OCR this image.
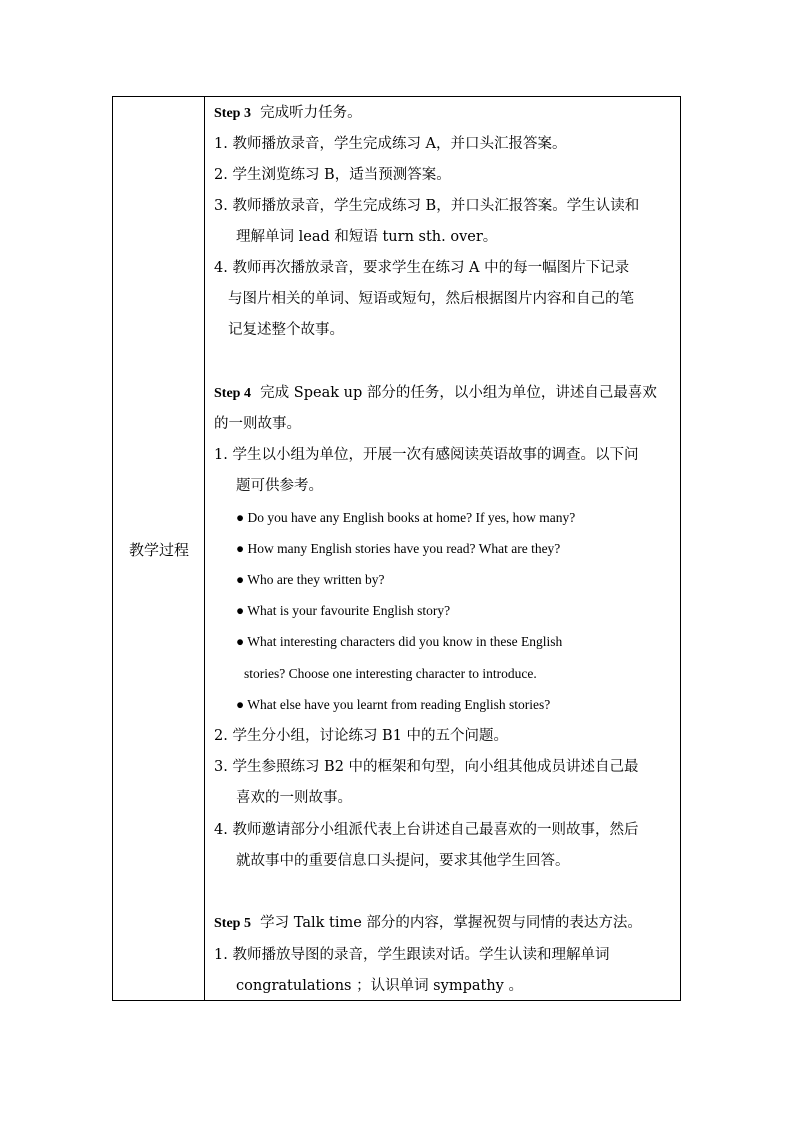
教学过程
Step 3 完成听力任务。
1. 教师播放录音，学生完成练习 A，并口头汇报答案。
2. 学生浏览练习 B，适当预测答案。
3. 教师播放录音，学生完成练习 B，并口头汇报答案。学生认读和
理解单词 lead 和短语 turn sth. over。
4. 教师再次播放录音，要求学生在练习 A 中的每一幅图片下记录
与图片相关的单词、短语或短句，然后根据图片内容和自己的笔
记复述整个故事。
Step 4 完成 Speak up 部分的任务，以小组为单位，讲述自己最喜欢
的一则故事。
1. 学生以小组为单位，开展一次有感阅读英语故事的调查。以下问
题可供参考。
● Do you have any English books at home? If yes, how many?
● How many English stories have you read? What are they?
● Who are they written by?
● What is your favourite English story?
● What interesting characters did you know in these English
stories? Choose one interesting character to introduce.
● What else have you learnt from reading English stories?
2. 学生分小组，讨论练习 B1 中的五个问题。
3. 学生参照练习 B2 中的框架和句型，向小组其他成员讲述自己最
喜欢的一则故事。
4. 教师邀请部分小组派代表上台讲述自己最喜欢的一则故事，然后
就故事中的重要信息口头提问，要求其他学生回答。
Step 5 学习 Talk time 部分的内容，掌握祝贺与同情的表达方法。
1. 教师播放导图的录音，学生跟读对话。学生认读和理解单词
congratulations ；认识单词 sympathy 。
